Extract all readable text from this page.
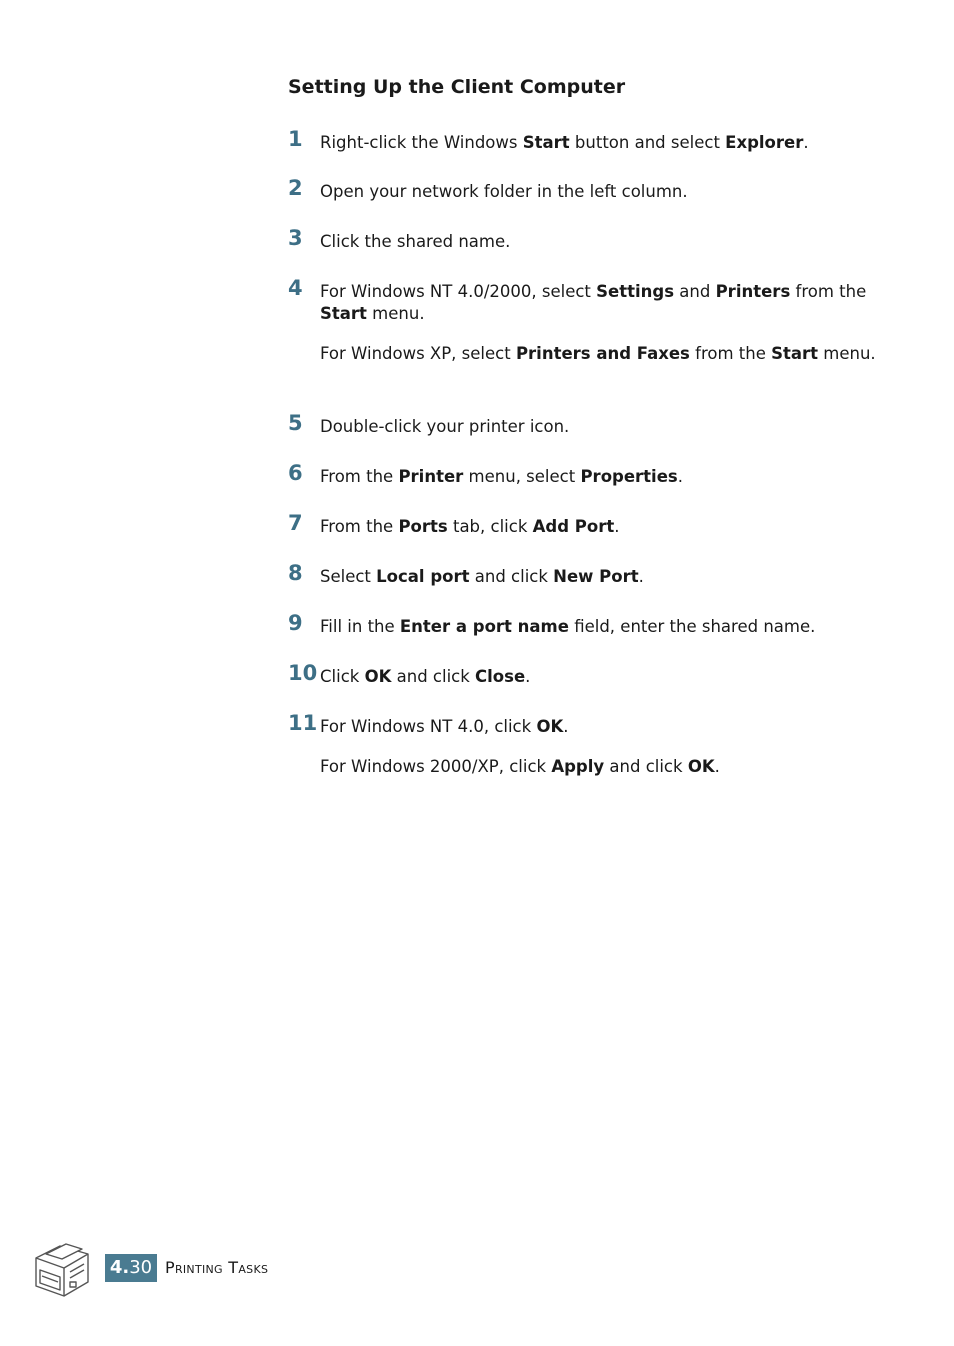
Setting Up the Client Computer
1 Right-click the Windows Start button and select Explorer.

2 Open your network folder in the left column.

3 Click the shared name.

4 For Windows NT 4.0/2000, select Settings and Printers from the Start menu.

For Windows XP, select Printers and Faxes from the Start menu.

5 Double-click your printer icon.

6 From the Printer menu, select Properties.

7 From the Ports tab, click Add Port.

8 Select Local port and click New Port.

9 Fill in the Enter a port name field, enter the shared name.

10 Click OK and click Close.

11 For Windows NT 4.0, click OK.

For Windows 2000/XP, click Apply and click OK.

4.30 Printing Tasks
